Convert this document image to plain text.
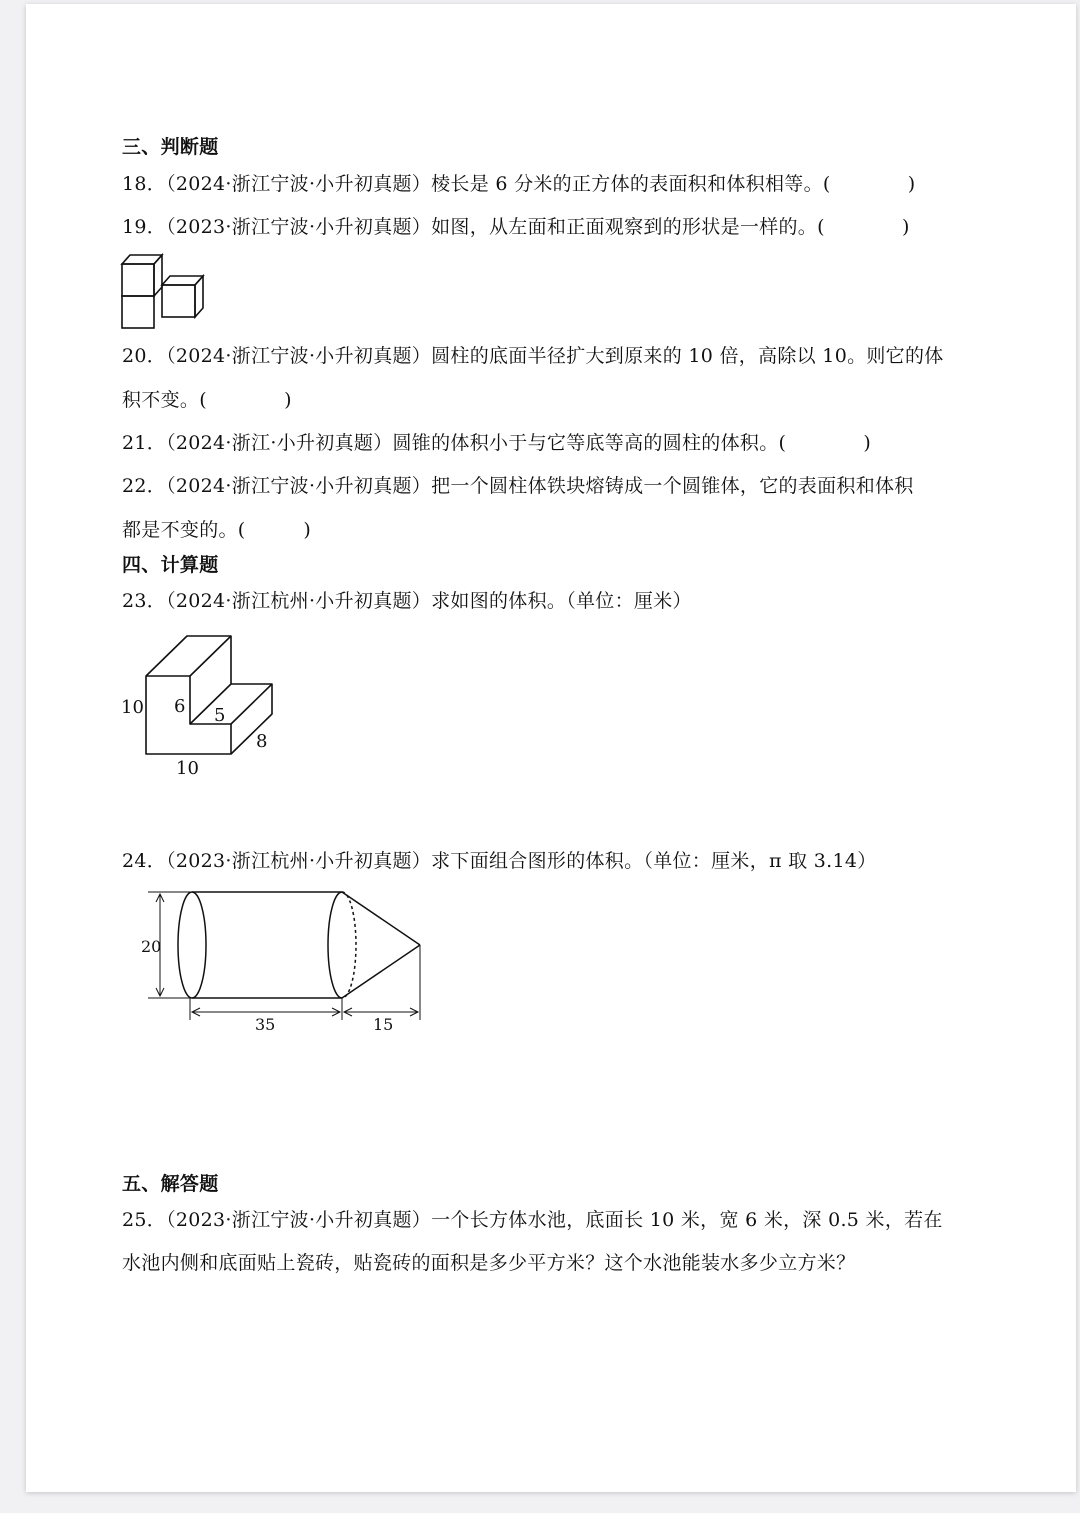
三、判断题
18．（2024·浙江宁波·小升初真题）棱长是 6 分米的正方体的表面积和体积相等。(　　　　)
19．（2023·浙江宁波·小升初真题）如图，从左面和正面观察到的形状是一样的。(　　　　)
20．（2024·浙江宁波·小升初真题）圆柱的底面半径扩大到原来的 10 倍，高除以 10。则它的体
积不变。(　　　　)
21．（2024·浙江·小升初真题）圆锥的体积小于与它等底等高的圆柱的体积。(　　　　)
22．（2024·浙江宁波·小升初真题）把一个圆柱体铁块熔铸成一个圆锥体，它的表面积和体积
都是不变的。(　　　)
四、计算题
23．（2024·浙江杭州·小升初真题）求如图的体积。（单位：厘米）
10 6 5
10
8
24．（2023·浙江杭州·小升初真题）求下面组合图形的体积。（单位：厘米，π 取 3.14）
20
35	15
五、解答题
25．（2023·浙江宁波·小升初真题）一个长方体水池，底面长 10 米，宽 6 米，深 0.5 米，若在
水池内侧和底面贴上瓷砖，贴瓷砖的面积是多少平方米？这个水池能装水多少立方米？
